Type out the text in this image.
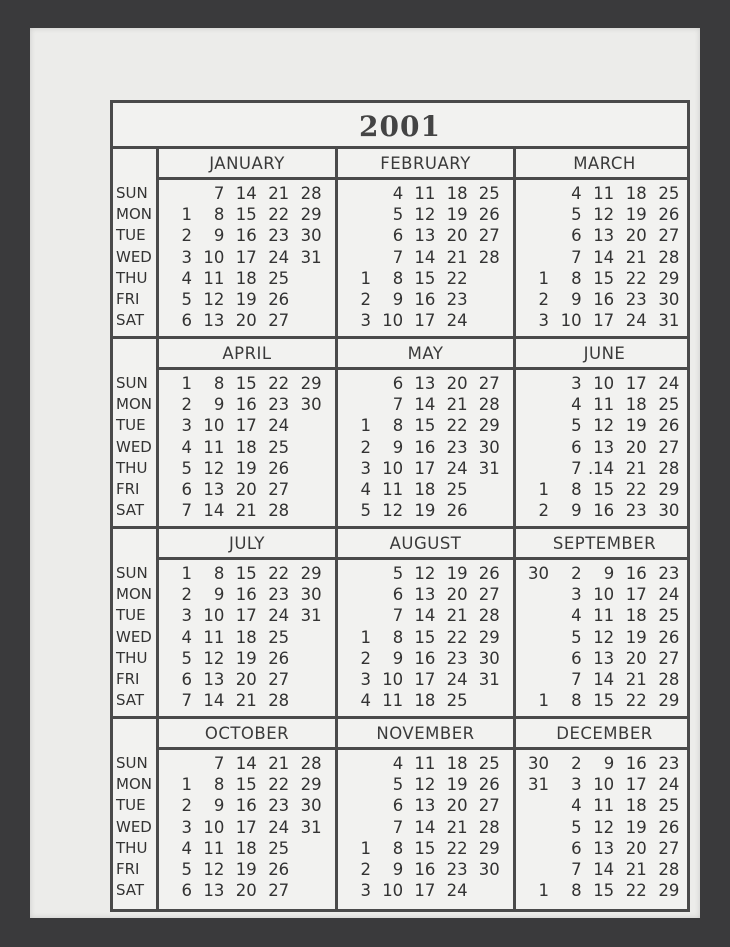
2001
SUN
MON
TUE
WED
THU
FRI
SAT
JANUARY
1
2
3
4
5
6
7
8
9
10
11
12
13
14
15
16
17
18
19
20
21
22
23
24
25
26
27
28
29
30
31
FEBRUARY
1
2
3
4
5
6
7
8
9
10
11
12
13
14
15
16
17
18
19
20
21
22
23
24
25
26
27
28
MARCH
1
2
3
4
5
6
7
8
9
10
11
12
13
14
15
16
17
18
19
20
21
22
23
24
25
26
27
28
29
30
31
SUN
MON
TUE
WED
THU
FRI
SAT
APRIL
1
2
3
4
5
6
7
8
9
10
11
12
13
14
15
16
17
18
19
20
21
22
23
24
25
26
27
28
29
30
MAY
1
2
3
4
5
6
7
8
9
10
11
12
13
14
15
16
17
18
19
20
21
22
23
24
25
26
27
28
29
30
31
JUNE
1
2
3
4
5
6
7
8
9
10
11
12
13
.14
15
16
17
18
19
20
21
22
23
24
25
26
27
28
29
30
SUN
MON
TUE
WED
THU
FRI
SAT
JULY
1
2
3
4
5
6
7
8
9
10
11
12
13
14
15
16
17
18
19
20
21
22
23
24
25
26
27
28
29
30
31
AUGUST
1
2
3
4
5
6
7
8
9
10
11
12
13
14
15
16
17
18
19
20
21
22
23
24
25
26
27
28
29
30
31
SEPTEMBER
30
1
2
3
4
5
6
7
8
9
10
11
12
13
14
15
16
17
18
19
20
21
22
23
24
25
26
27
28
29
SUN
MON
TUE
WED
THU
FRI
SAT
OCTOBER
1
2
3
4
5
6
7
8
9
10
11
12
13
14
15
16
17
18
19
20
21
22
23
24
25
26
27
28
29
30
31
NOVEMBER
1
2
3
4
5
6
7
8
9
10
11
12
13
14
15
16
17
18
19
20
21
22
23
24
25
26
27
28
29
30
DECEMBER
30
31
1
2
3
4
5
6
7
8
9
10
11
12
13
14
15
16
17
18
19
20
21
22
23
24
25
26
27
28
29
